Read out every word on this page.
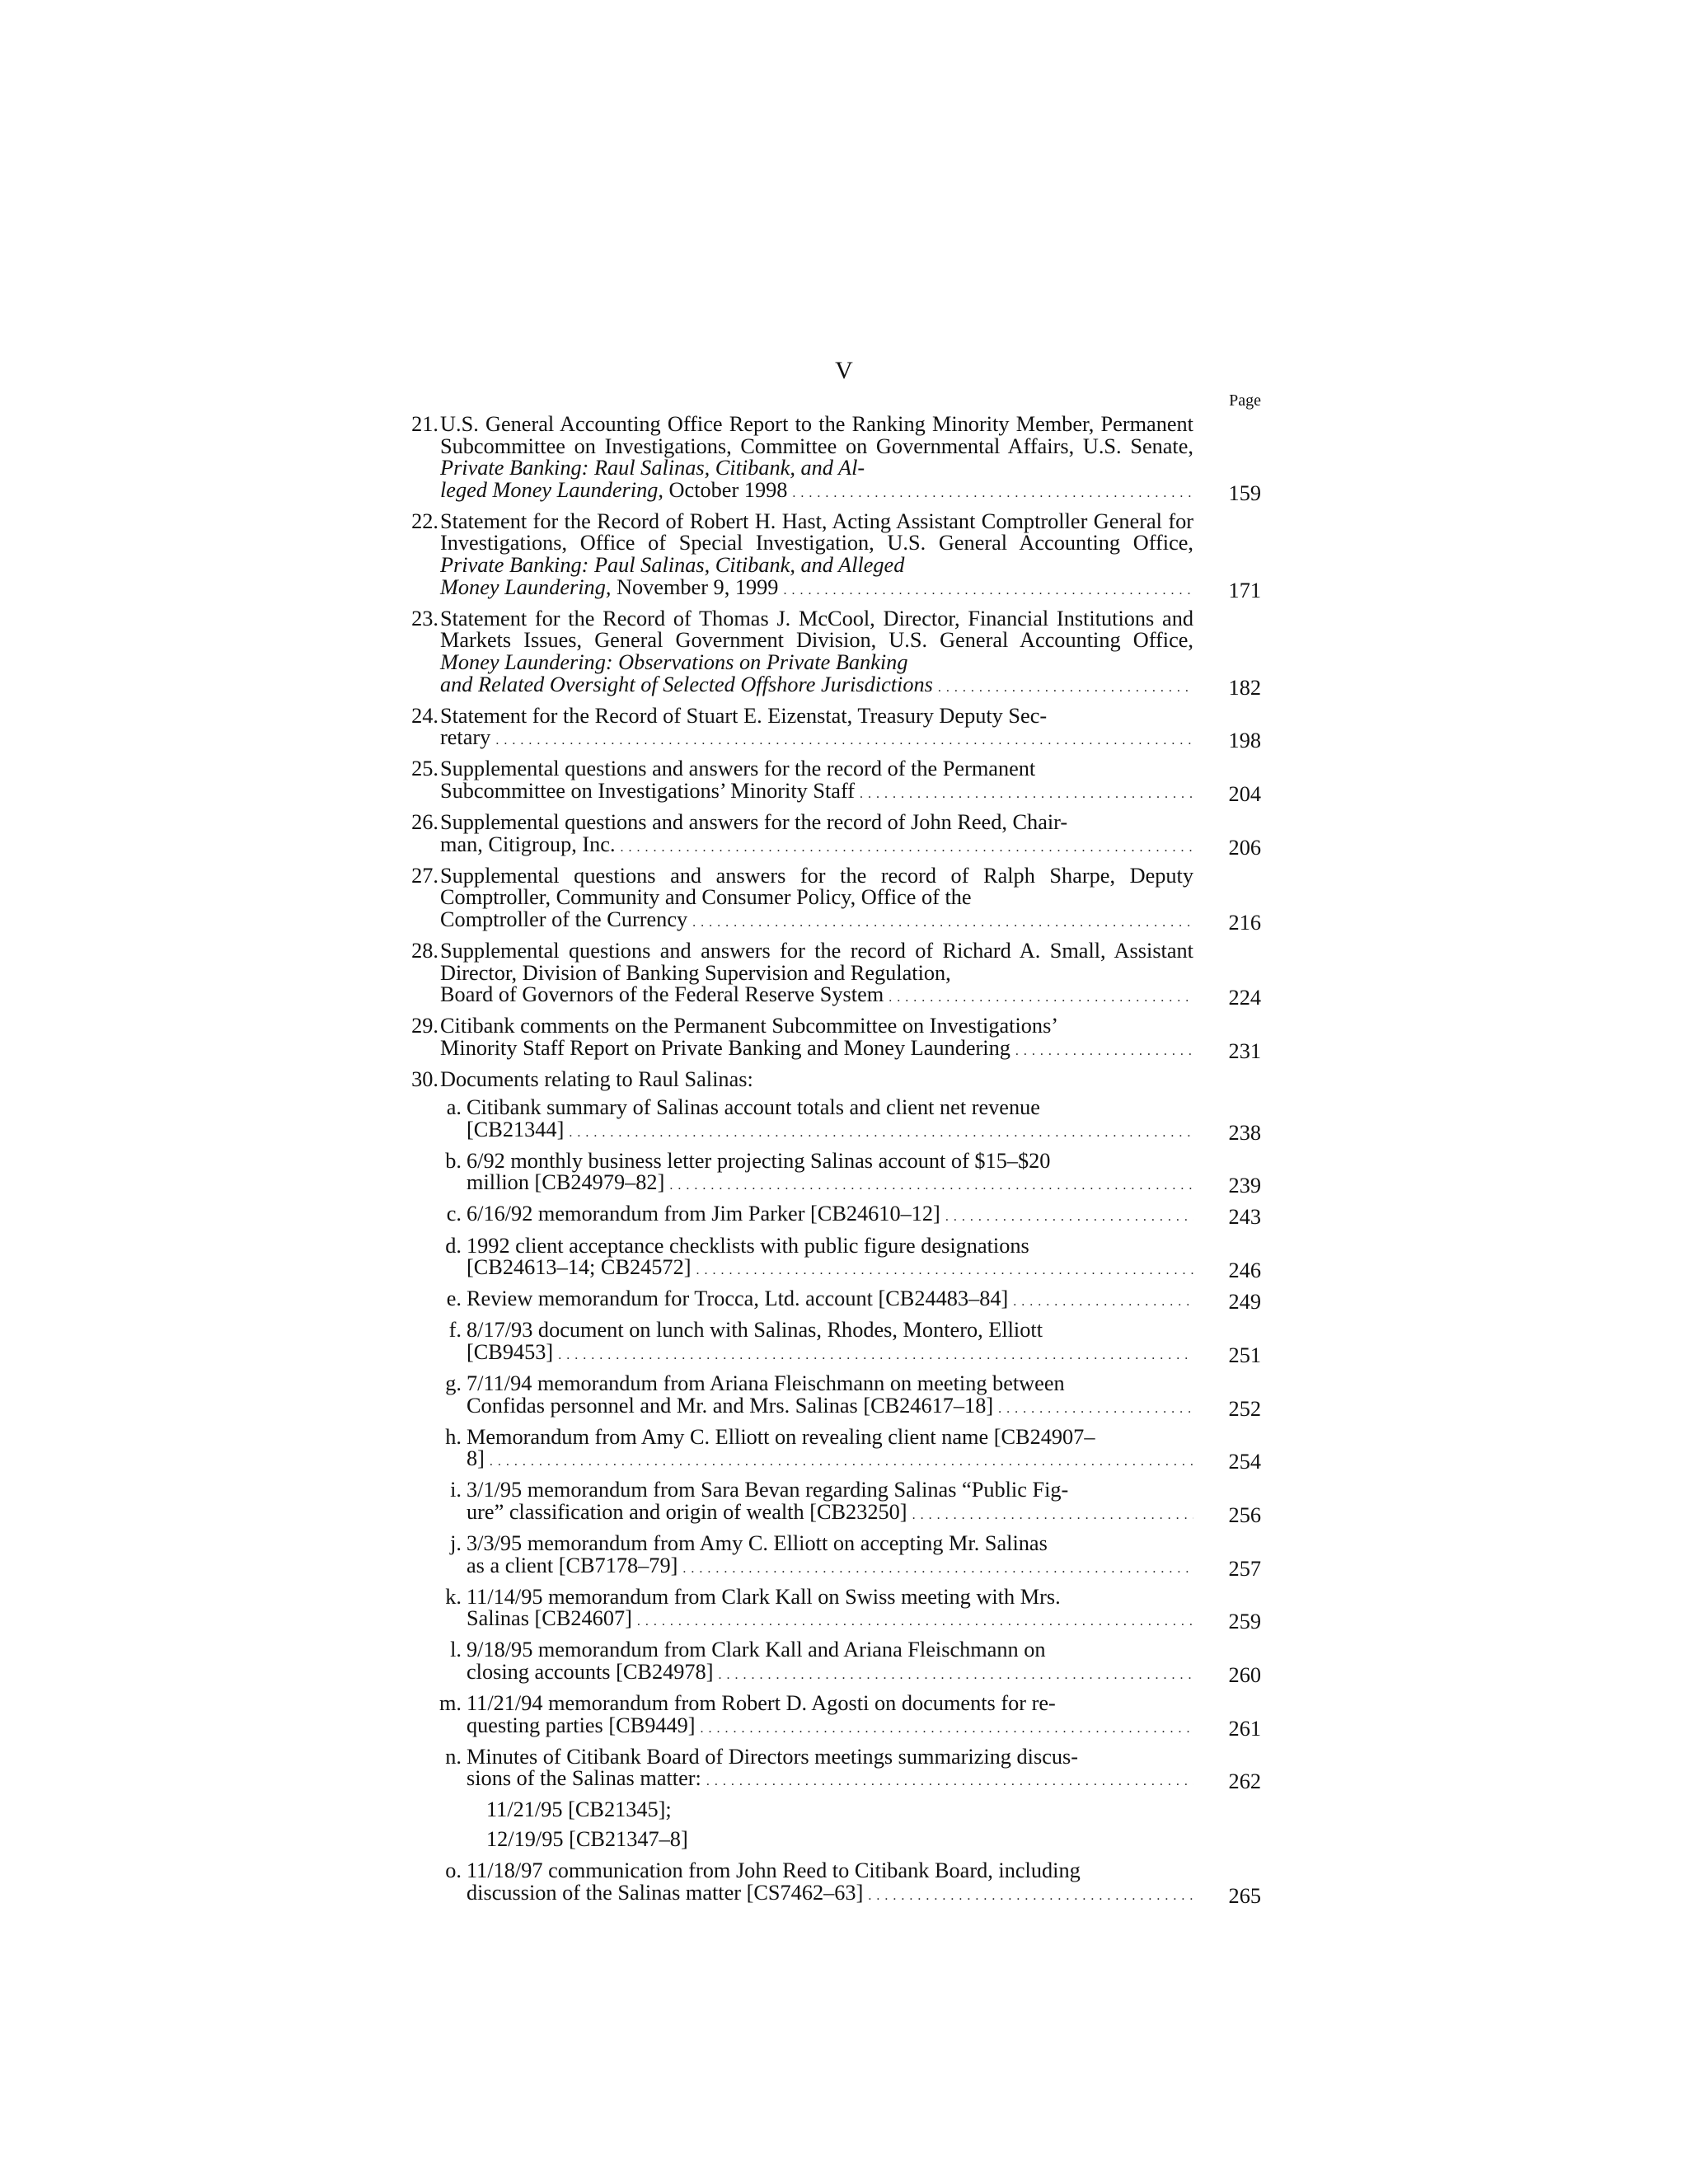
V
Page
21. U.S. General Accounting Office Report to the Ranking Minority Member, Permanent Subcommittee on Investigations, Committee on Governmental Affairs, U.S. Senate, Private Banking: Raul Salinas, Citibank, and Al-
leged Money Laundering, October 1998 . . .	159
22. Statement for the Record of Robert H. Hast, Acting Assistant Comptroller General for Investigations, Office of Special Investigation, U.S. General Accounting Office, Private Banking: Paul Salinas, Citibank, and Alleged
Money Laundering, November 9, 1999 . . .	171
23. Statement for the Record of Thomas J. McCool, Director, Financial Institutions and Markets Issues, General Government Division, U.S. General Accounting Office, Money Laundering: Observations on Private Banking
and Related Oversight of Selected Offshore Jurisdictions . . .	182
24. Statement for the Record of Stuart E. Eizenstat, Treasury Deputy Sec-
retary . . .	198
25. Supplemental questions and answers for the record of the Permanent
Subcommittee on Investigations’ Minority Staff . . .	204
26. Supplemental questions and answers for the record of John Reed, Chair-
man, Citigroup, Inc. . . .	206
27. Supplemental questions and answers for the record of Ralph Sharpe, Deputy Comptroller, Community and Consumer Policy, Office of the
Comptroller of the Currency . . .	216
28. Supplemental questions and answers for the record of Richard A. Small, Assistant Director, Division of Banking Supervision and Regulation,
Board of Governors of the Federal Reserve System . . .	224
29. Citibank comments on the Permanent Subcommittee on Investigations’
Minority Staff Report on Private Banking and Money Laundering . . .	231
30. Documents relating to Raul Salinas:
a. Citibank summary of Salinas account totals and client net revenue
[CB21344] . . .	238
b. 6/92 monthly business letter projecting Salinas account of $15–$20
million [CB24979–82] . . .	239
c. 6/16/92 memorandum from Jim Parker [CB24610–12] . . .	243
d. 1992 client acceptance checklists with public figure designations
[CB24613–14; CB24572] . . .	246
e. Review memorandum for Trocca, Ltd. account [CB24483–84] . . .	249
f. 8/17/93 document on lunch with Salinas, Rhodes, Montero, Elliott
[CB9453] . . .	251
g. 7/11/94 memorandum from Ariana Fleischmann on meeting between
Confidas personnel and Mr. and Mrs. Salinas [CB24617–18] . . .	252
h. Memorandum from Amy C. Elliott on revealing client name [CB24907–
8] . . .	254
i. 3/1/95 memorandum from Sara Bevan regarding Salinas “Public Fig-
ure” classification and origin of wealth [CB23250] . . .	256
j. 3/3/95 memorandum from Amy C. Elliott on accepting Mr. Salinas
as a client [CB7178–79] . . .	257
k. 11/14/95 memorandum from Clark Kall on Swiss meeting with Mrs.
Salinas [CB24607] . . .	259
l. 9/18/95 memorandum from Clark Kall and Ariana Fleischmann on
closing accounts [CB24978] . . .	260
m. 11/21/94 memorandum from Robert D. Agosti on documents for re-
questing parties [CB9449] . . .	261
n. Minutes of Citibank Board of Directors meetings summarizing discus-
sions of the Salinas matter: . . .	262
11/21/95 [CB21345];
12/19/95 [CB21347–8]
o. 11/18/97 communication from John Reed to Citibank Board, including
discussion of the Salinas matter [CS7462–63] . . .	265
